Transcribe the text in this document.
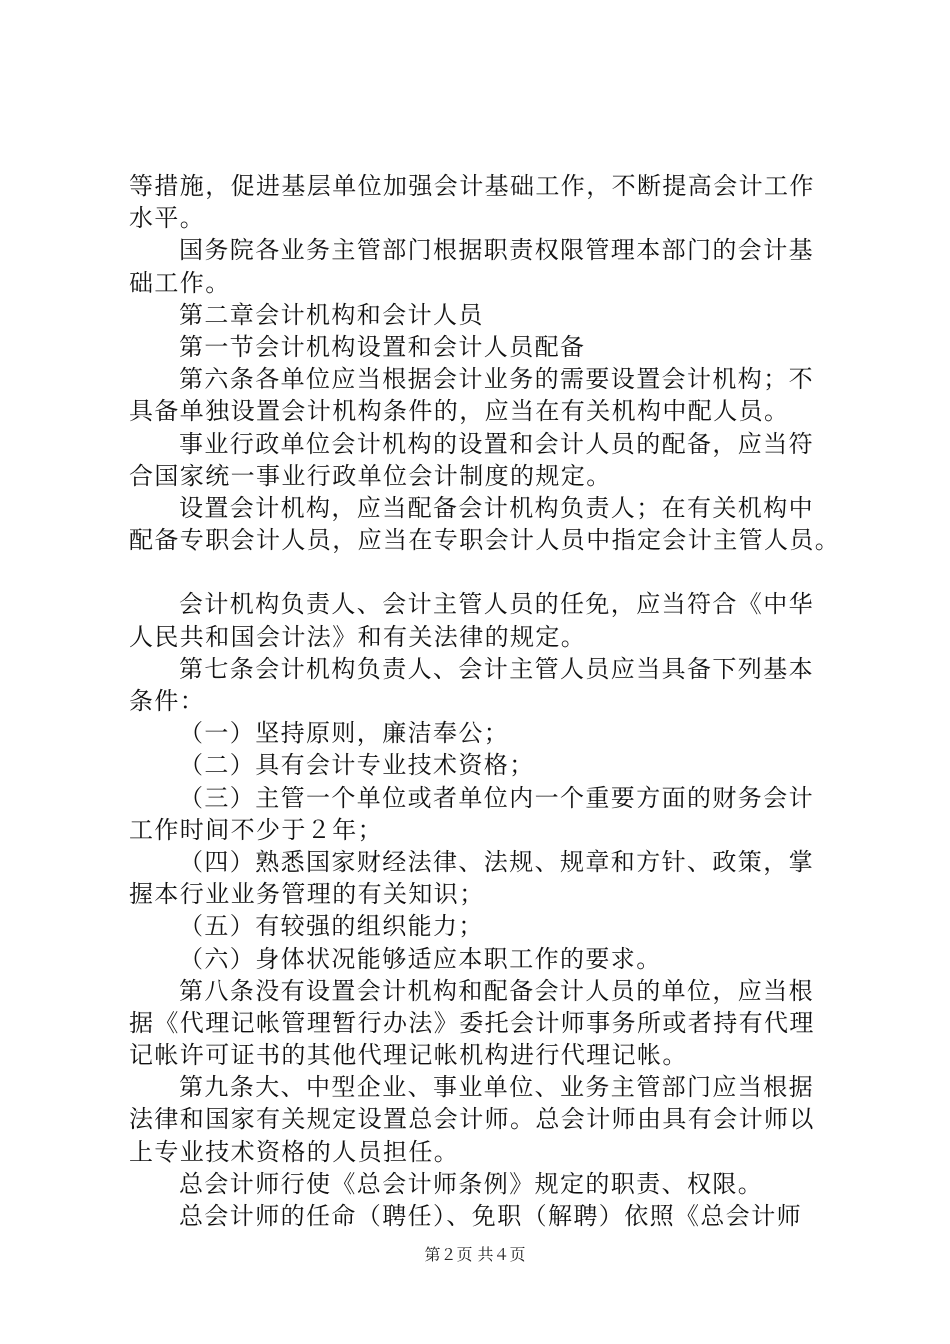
等措施，促进基层单位加强会计基础工作，不断提高会计工作
水平。
国务院各业务主管部门根据职责权限管理本部门的会计基
础工作。
第二章会计机构和会计人员
第一节会计机构设置和会计人员配备
第六条各单位应当根据会计业务的需要设置会计机构；不
具备单独设置会计机构条件的，应当在有关机构中配人员。
事业行政单位会计机构的设置和会计人员的配备，应当符
合国家统一事业行政单位会计制度的规定。
设置会计机构，应当配备会计机构负责人；在有关机构中
配备专职会计人员，应当在专职会计人员中指定会计主管人员。
会计机构负责人、会计主管人员的任免，应当符合《中华
人民共和国会计法》和有关法律的规定。
第七条会计机构负责人、会计主管人员应当具备下列基本
条件：
（一）坚持原则，廉洁奉公；
（二）具有会计专业技术资格；
（三）主管一个单位或者单位内一个重要方面的财务会计
工作时间不少于２年；
（四）熟悉国家财经法律、法规、规章和方针、政策，掌
握本行业业务管理的有关知识；
（五）有较强的组织能力；
（六）身体状况能够适应本职工作的要求。
第八条没有设置会计机构和配备会计人员的单位，应当根
据《代理记帐管理暂行办法》委托会计师事务所或者持有代理
记帐许可证书的其他代理记帐机构进行代理记帐。
第九条大、中型企业、事业单位、业务主管部门应当根据
法律和国家有关规定设置总会计师。总会计师由具有会计师以
上专业技术资格的人员担任。
总会计师行使《总会计师条例》规定的职责、权限。
总会计师的任命（聘任）、免职（解聘）依照《总会计师
第２页 共４页
